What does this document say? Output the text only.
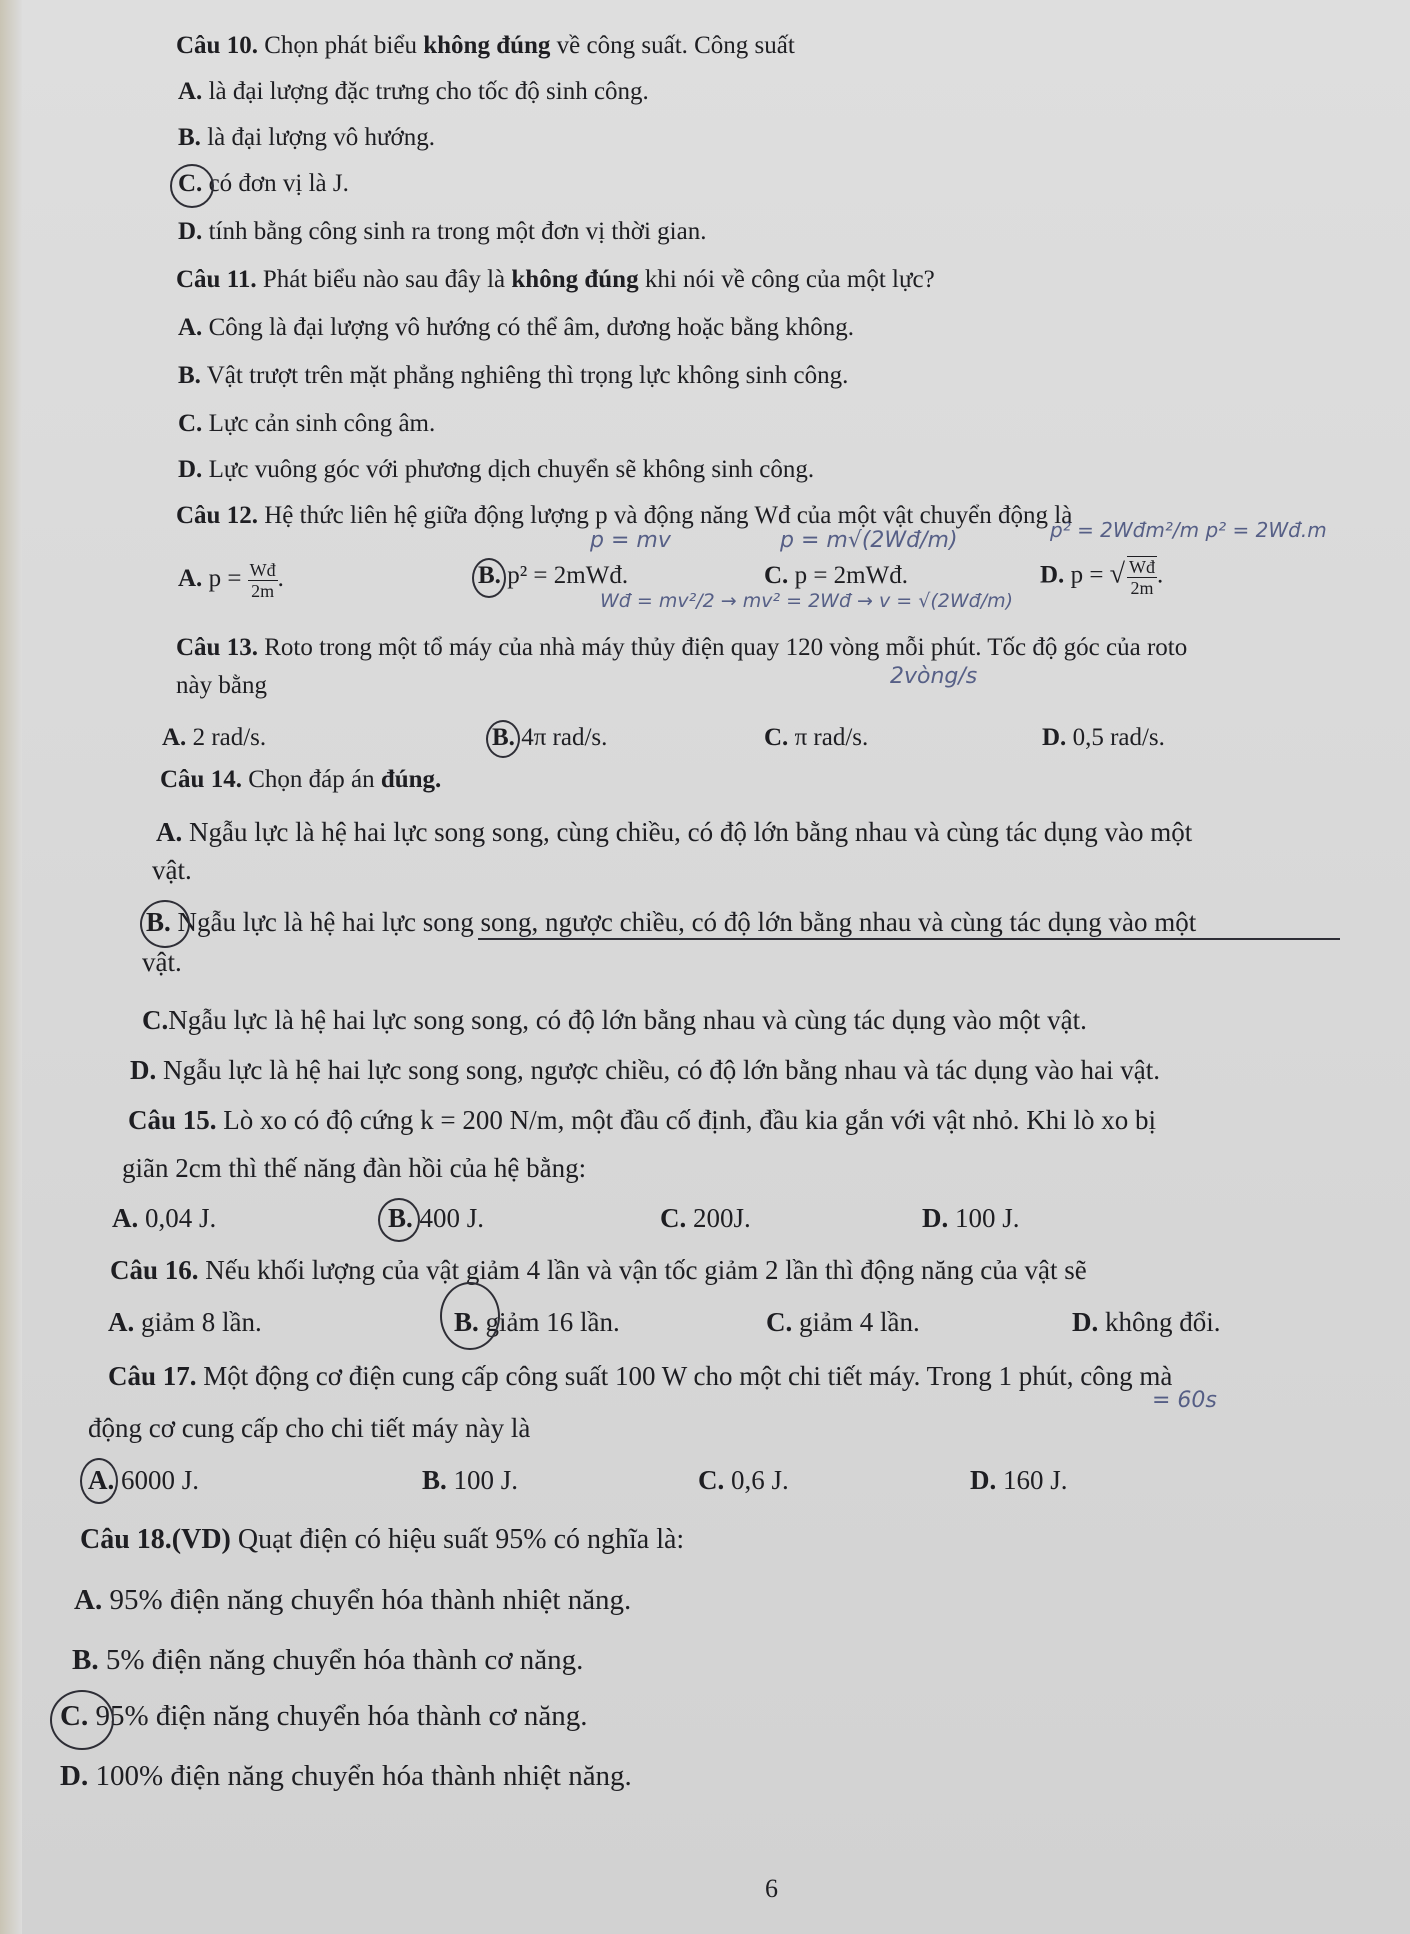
Câu 10. Chọn phát biểu không đúng về công suất. Công suất
A. là đại lượng đặc trưng cho tốc độ sinh công.
B. là đại lượng vô hướng.
C. có đơn vị là J.
D. tính bằng công sinh ra trong một đơn vị thời gian.
Câu 11. Phát biểu nào sau đây là không đúng khi nói về công của một lực?
A. Công là đại lượng vô hướng có thể âm, dương hoặc bằng không.
B. Vật trượt trên mặt phẳng nghiêng thì trọng lực không sinh công.
C. Lực cản sinh công âm.
D. Lực vuông góc với phương dịch chuyển sẽ không sinh công.
Câu 12. Hệ thức liên hệ giữa động lượng p và động năng Wđ của một vật chuyển động là
p = mv	p = m√(2Wđ/m)	p² = 2Wđm²/m p² = 2Wđ.m
A. $p = \frac{Wđ}{2m}$ .	B. p² = 2mWđ.	C. p = 2mWđ.	D. p = √ $\frac{Wđ}{2m}$ .
Wđ = mv²/2 → mv² = 2Wđ → v = √(2Wđ/m)
Câu 13. Roto trong một tổ máy của nhà máy thủy điện quay 120 vòng mỗi phút. Tốc độ góc của roto
này bằng	2vòng/s
A. 2 rad/s.	B. 4π rad/s.	C. π rad/s.	D. 0,5 rad/s.
Câu 14. Chọn đáp án đúng.
A. Ngẫu lực là hệ hai lực song song, cùng chiều, có độ lớn bằng nhau và cùng tác dụng vào một
vật.
B. Ngẫu lực là hệ hai lực song song, ngược chiều, có độ lớn bằng nhau và cùng tác dụng vào một
vật.
C.Ngẫu lực là hệ hai lực song song, có độ lớn bằng nhau và cùng tác dụng vào một vật.
D. Ngẫu lực là hệ hai lực song song, ngược chiều, có độ lớn bằng nhau và tác dụng vào hai vật.
Câu 15. Lò xo có độ cứng k = 200 N/m, một đầu cố định, đầu kia gắn với vật nhỏ. Khi lò xo bị
giãn 2cm thì thế năng đàn hồi của hệ bằng:
A. 0,04 J.	B. 400 J.	C. 200J.	D. 100 J.
Câu 16. Nếu khối lượng của vật giảm 4 lần và vận tốc giảm 2 lần thì động năng của vật sẽ
A. giảm 8 lần.	B. giảm 16 lần.	C. giảm 4 lần.	D. không đổi.
Câu 17. Một động cơ điện cung cấp công suất 100 W cho một chi tiết máy. Trong 1 phút, công mà
= 60s
động cơ cung cấp cho chi tiết máy này là
A. 6000 J.	B. 100 J.	C. 0,6 J.	D. 160 J.
Câu 18.(VD) Quạt điện có hiệu suất 95% có nghĩa là:
A. 95% điện năng chuyển hóa thành nhiệt năng.
B. 5% điện năng chuyển hóa thành cơ năng.
C. 95% điện năng chuyển hóa thành cơ năng.
D. 100% điện năng chuyển hóa thành nhiệt năng.
6
